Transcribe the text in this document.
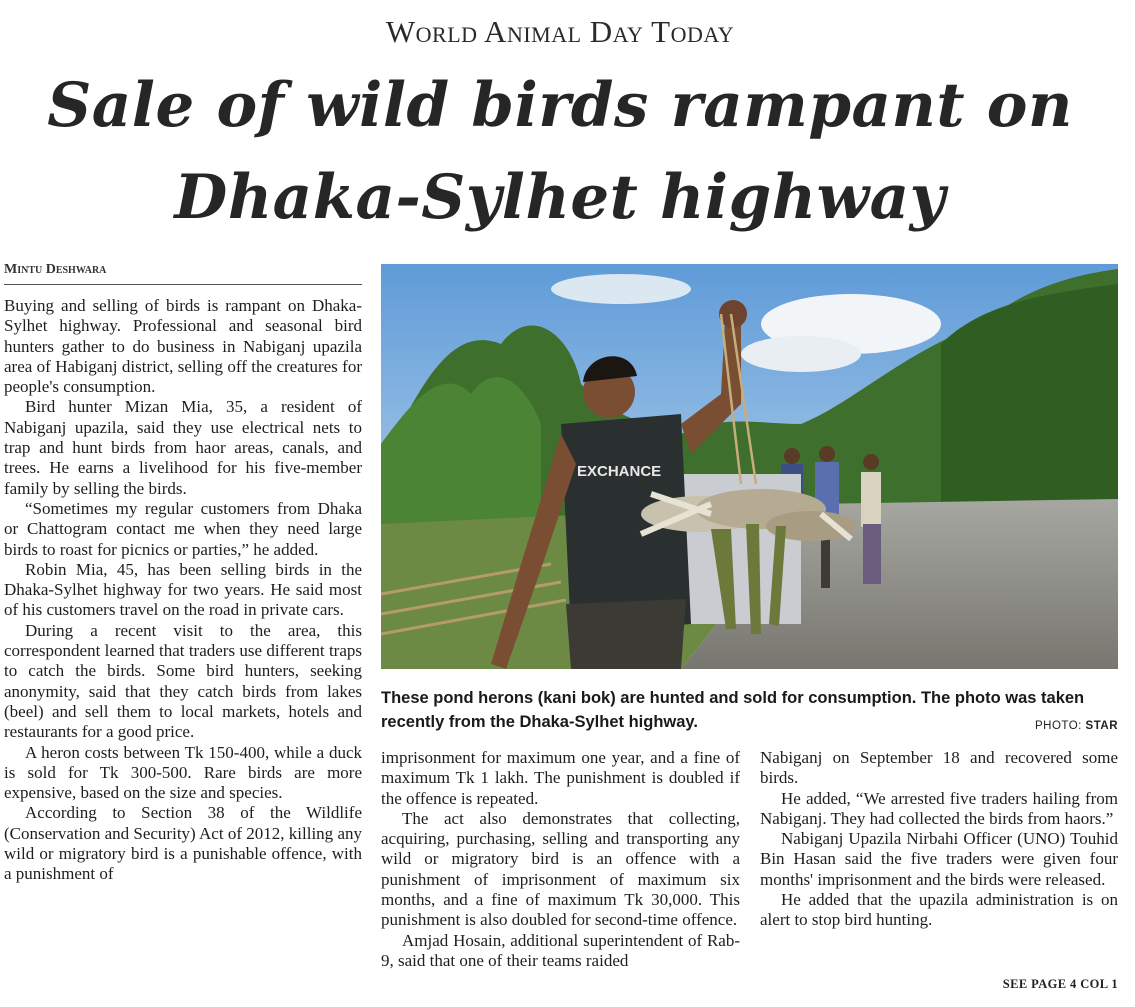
World Animal Day Today
Sale of wild birds rampant on
Dhaka-Sylhet highway
Mintu Deshwara

Buying and selling of birds is rampant on Dhaka-Sylhet highway. Professional and seasonal bird hunters gather to do business in Nabiganj upazila area of Habiganj district, selling off the creatures for people's consumption.

Bird hunter Mizan Mia, 35, a resident of Nabiganj upazila, said they use electrical nets to trap and hunt birds from haor areas, canals, and trees. He earns a livelihood for his five-member family by selling the birds.

“Sometimes my regular customers from Dhaka or Chattogram contact me when they need large birds to roast for picnics or parties,” he added.

Robin Mia, 45, has been selling birds in the Dhaka-Sylhet highway for two years. He said most of his customers travel on the road in private cars.

During a recent visit to the area, this correspondent learned that traders use different traps to catch the birds. Some bird hunters, seeking anonymity, said that they catch birds from lakes (beel) and sell them to local markets, hotels and restaurants for a good price.

A heron costs between Tk 150-400, while a duck is sold for Tk 300-500. Rare birds are more expensive, based on the size and species.

According to Section 38 of the Wildlife (Conservation and Security) Act of 2012, killing any wild or migratory bird is a punishable offence, with a punishment of

EXCHANCE
These pond herons (kani bok) are hunted and sold for consumption. The photo was taken recently from the Dhaka-Sylhet highway.	PHOTO: STAR

imprisonment for maximum one year, and a fine of maximum Tk 1 lakh. The punishment is doubled if the offence is repeated.

The act also demonstrates that collecting, acquiring, purchasing, selling and transporting any wild or migratory bird is an offence with a punishment of imprisonment of maximum six months, and a fine of maximum Tk 30,000. This punishment is also doubled for second-time offence.

Amjad Hosain, additional superintendent of Rab-9, said that one of their teams raided

Nabiganj on September 18 and recovered some birds.

He added, “We arrested five traders hailing from Nabiganj. They had collected the birds from haors.”

Nabiganj Upazila Nirbahi Officer (UNO) Touhid Bin Hasan said the five traders were given four months' imprisonment and the birds were released.

He added that the upazila administration is on alert to stop bird hunting.

SEE PAGE 4 COL 1
